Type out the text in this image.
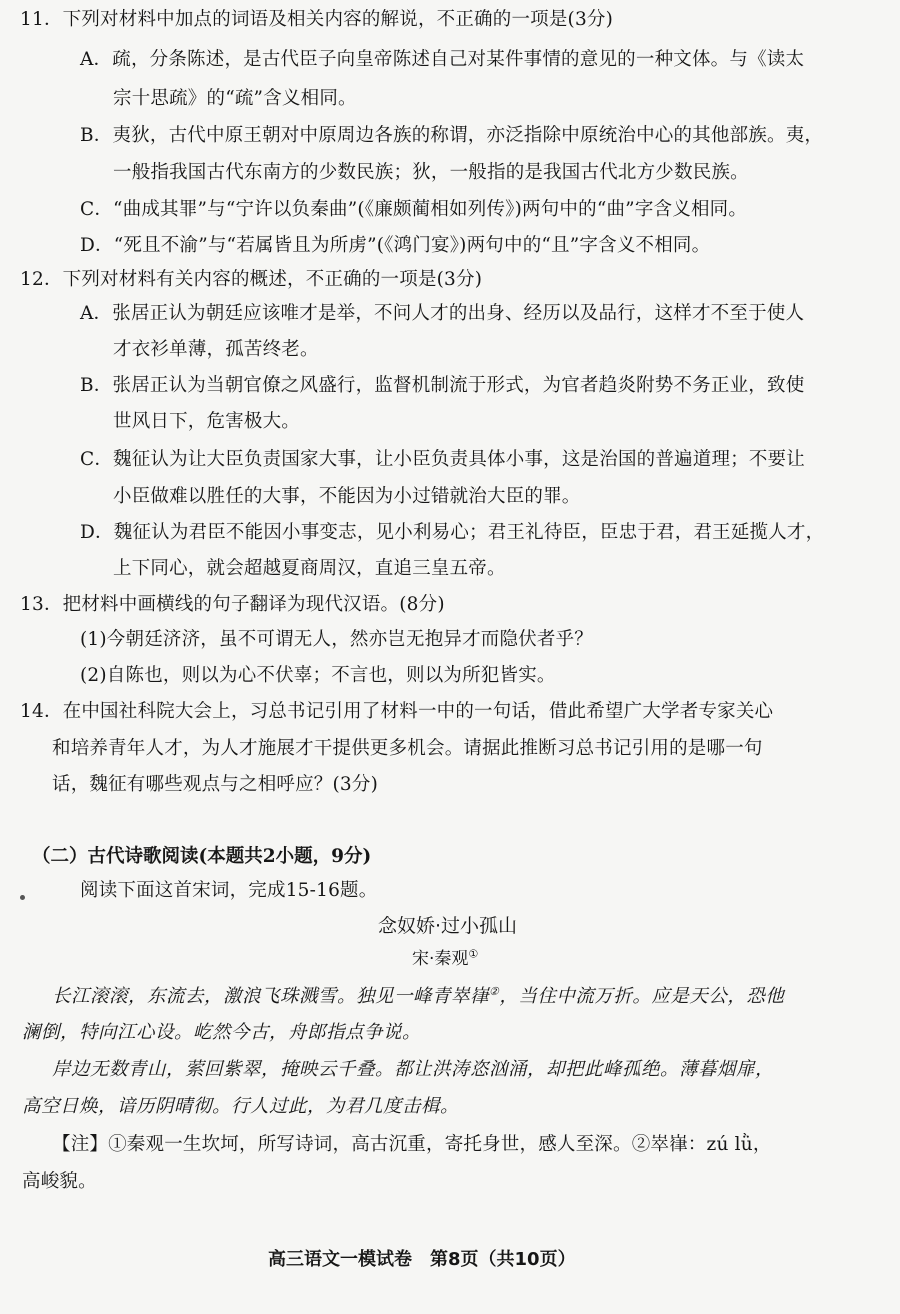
11．下列对材料中加点的词语及相关内容的解说，不正确的一项是(3分)
A．疏，分条陈述，是古代臣子向皇帝陈述自己对某件事情的意见的一种文体。与《读太
宗十思疏》的“疏”含义相同。
B．夷狄，古代中原王朝对中原周边各族的称谓，亦泛指除中原统治中心的其他部族。夷，
一般指我国古代东南方的少数民族；狄，一般指的是我国古代北方少数民族。
C．“曲成其罪”与“宁许以负秦曲”(《廉颇蔺相如列传》)两句中的“曲”字含义相同。
D．“死且不渝”与“若属皆且为所虏”(《鸿门宴》)两句中的“且”字含义不相同。
12．下列对材料有关内容的概述，不正确的一项是(3分)
A．张居正认为朝廷应该唯才是举，不问人才的出身、经历以及品行，这样才不至于使人
才衣衫单薄，孤苦终老。
B．张居正认为当朝官僚之风盛行，监督机制流于形式，为官者趋炎附势不务正业，致使
世风日下，危害极大。
C．魏征认为让大臣负责国家大事，让小臣负责具体小事，这是治国的普遍道理；不要让
小臣做难以胜任的大事，不能因为小过错就治大臣的罪。
D．魏征认为君臣不能因小事变志，见小利易心；君王礼待臣，臣忠于君，君王延揽人才，
上下同心，就会超越夏商周汉，直追三皇五帝。
13．把材料中画横线的句子翻译为现代汉语。(8分)
(1)今朝廷济济，虽不可谓无人，然亦岂无抱异才而隐伏者乎？
(2)自陈也，则以为心不伏辜；不言也，则以为所犯皆实。
14．在中国社科院大会上，习总书记引用了材料一中的一句话，借此希望广大学者专家关心
和培养青年人才，为人才施展才干提供更多机会。请据此推断习总书记引用的是哪一句
话，魏征有哪些观点与之相呼应？(3分)
（二）古代诗歌阅读(本题共2小题，9分)
阅读下面这首宋词，完成15-16题。
念奴娇·过小孤山
宋·秦观①
长江滚滚，东流去，激浪飞珠溅雪。独见一峰青崒嵂②，当住中流万折。应是天公，恐他
澜倒，特向江心设。屹然今古，舟郎指点争说。
岸边无数青山，萦回紫翠，掩映云千叠。都让洪涛恣汹涌，却把此峰孤绝。薄暮烟扉，
高空日焕，谙历阴晴彻。行人过此，为君几度击楫。
【注】①秦观一生坎坷，所写诗词，高古沉重，寄托身世，感人至深。②崒嵂：zú lǜ，
高峻貌。
高三语文一模试卷　第8页（共10页）
